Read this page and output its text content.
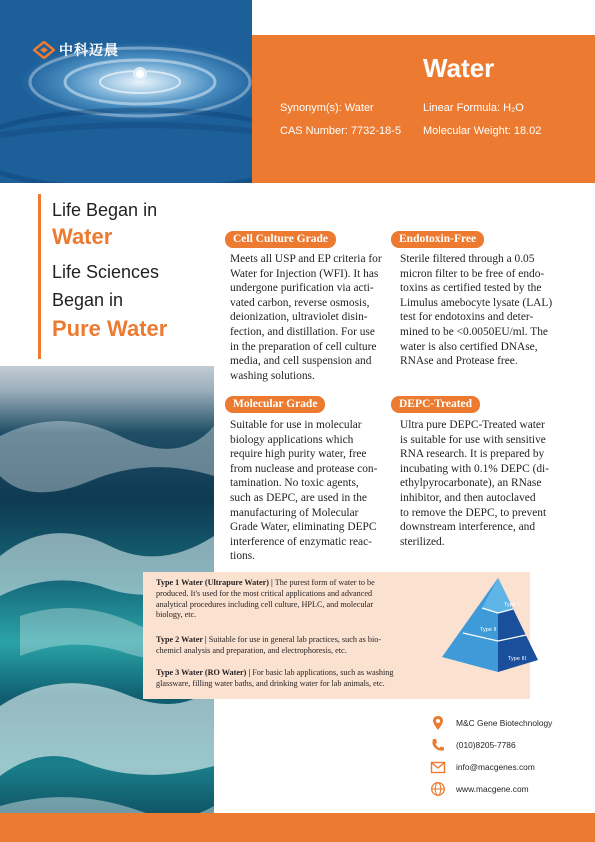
中科迈晨
Water
Synonym(s): Water
CAS Number: 7732-18-5
Linear Formula: H₂O
Molecular Weight: 18.02
Life Began in
Water
Life Sciences
Began in
Pure Water
Cell Culture Grade
Meets all USP and EP criteria for
Water for Injection (WFI). It has
undergone purification via acti-
vated carbon, reverse osmosis,
deionization, ultraviolet disin-
fection, and distillation. For use
in the preparation of cell culture
media, and cell suspension and
washing solutions.
Endotoxin-Free
Sterile filtered through a 0.05
micron filter to be free of endo-
toxins as certified tested by the
Limulus amebocyte lysate (LAL)
test for endotoxins and deter-
mined to be <0.0050EU/ml. The
water is also certified DNAse,
RNAse and Protease free.
Molecular Grade
Suitable for use in molecular
biology applications which
require high purity water, free
from nuclease and protease con-
tamination. No toxic agents,
such as DEPC, are used in the
manufacturing of Molecular
Grade Water, eliminating DEPC
interference of enzymatic reac-
tions.
DEPC-Treated
Ultra pure DEPC-Treated water
is suitable for use with sensitive
RNA research. It is prepared by
incubating with 0.1% DEPC (di-
ethylpyrocarbonate), an RNase
inhibitor, and then autoclaved
to remove the DEPC, to prevent
downstream interference, and
sterilized.
Type 1 Water (Ultrapure Water) | The purest form of water to be
produced. It's used for the most critical applications and advanced
analytical procedures including cell culture, HPLC, and molecular
biology, etc.
Type 2 Water | Suitable for use in general lab practices, such as bio-
chemicl analysis and preparation, and electrophoresis, etc.
Type 3 Water (RO Water) | For basic lab applications, such as washing
glassware, filling water baths, and drinking water for lab animals, etc.
Type I
Type II
Type III
M&C Gene Biotechnology
(010)8205-7786
info@macgenes.com
www.macgene.com
